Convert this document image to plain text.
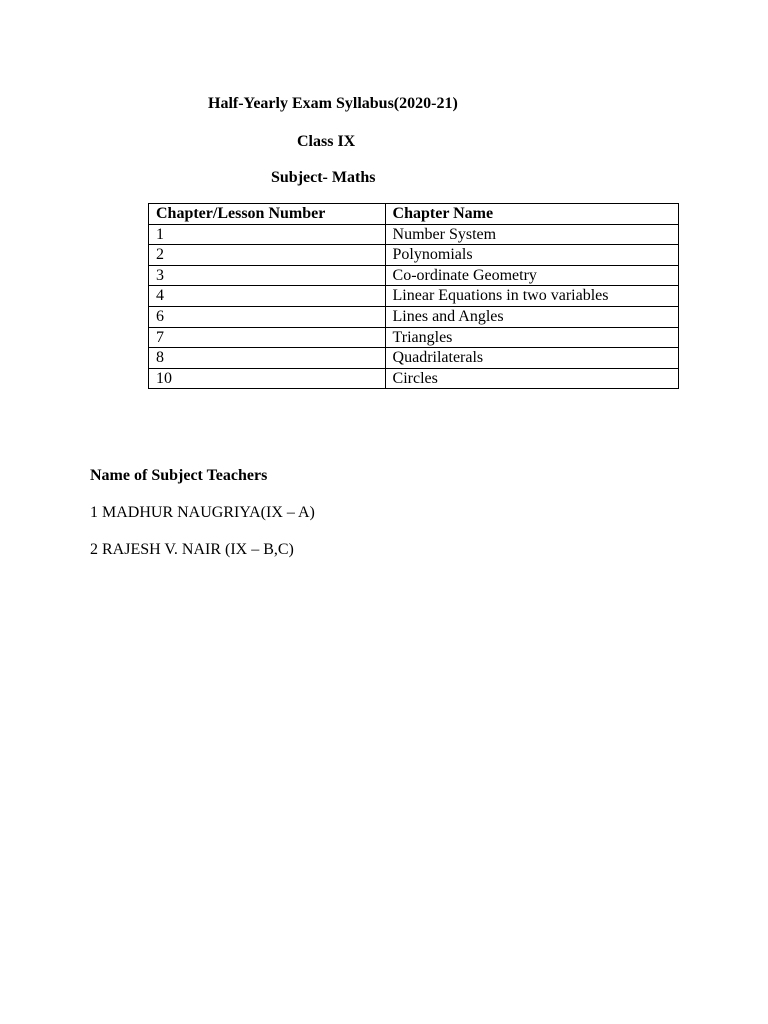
Half-Yearly Exam Syllabus(2020-21)
Class IX
Subject- Maths
Chapter/Lesson Number	Chapter Name
1	Number System
2	Polynomials
3	Co-ordinate Geometry
4	Linear Equations in two variables
6	Lines and Angles
7	Triangles
8	Quadrilaterals
10	Circles
Name of Subject Teachers
1 MADHUR NAUGRIYA(IX – A)
2 RAJESH V. NAIR (IX – B,C)
